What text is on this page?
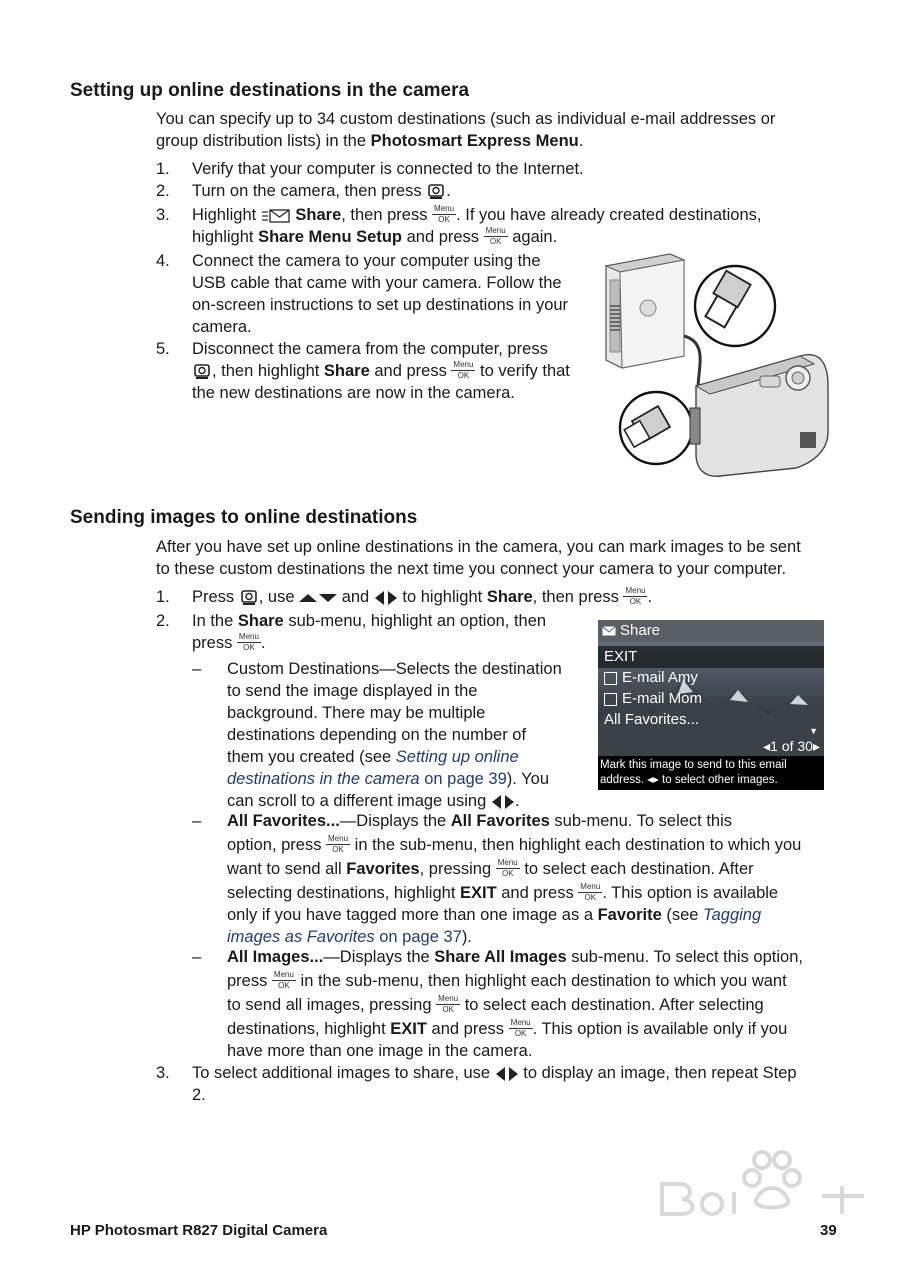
Setting up online destinations in the camera
You can specify up to 34 custom destinations (such as individual e-mail addresses or
group distribution lists) in the Photosmart Express Menu.
1. Verify that your computer is connected to the Internet.
2. Turn on the camera, then press .
3. Highlight  Share, then press Menu
OK . If you have already created destinations,
highlight Share Menu Setup and press Menu
OK again.
4. Connect the camera to your computer using the
USB cable that came with your camera. Follow the
on-screen instructions to set up destinations in your
camera.
5. Disconnect the camera from the computer, press
, then highlight Share and press Menu
OK to verify that
the new destinations are now in the camera.
Sending images to online destinations
After you have set up online destinations in the camera, you can mark images to be sent
to these custom destinations the next time you connect your camera to your computer.
1. Press , use  and  to highlight Share, then press Menu
OK .
2. In the Share sub-menu, highlight an option, then
press Menu
OK .
– Custom Destinations—Selects the destination
to send the image displayed in the
background. There may be multiple
destinations depending on the number of
them you created (see Setting up online
destinations in the camera on page 39). You
can scroll to a different image using .
Share
EXIT
E-mail Amy
E-mail Mom
All Favorites...
▼
◂1 of 30▸
Mark this image to send to this email
address. ◂▸ to select other images.
– All Favorites...—Displays the All Favorites sub-menu. To select this
option, press Menu
OK in the sub-menu, then highlight each destination to which you
want to send all Favorites, pressing Menu
OK to select each destination. After
selecting destinations, highlight EXIT and press Menu
OK . This option is available
only if you have tagged more than one image as a Favorite (see Tagging
images as Favorites on page 37).
– All Images...—Displays the Share All Images sub-menu. To select this option,
press Menu
OK in the sub-menu, then highlight each destination to which you want
to send all images, pressing Menu
OK to select each destination. After selecting
destinations, highlight EXIT and press Menu
OK . This option is available only if you
have more than one image in the camera.
3. To select additional images to share, use  to display an image, then repeat Step
2.
HP Photosmart R827 Digital Camera	39
